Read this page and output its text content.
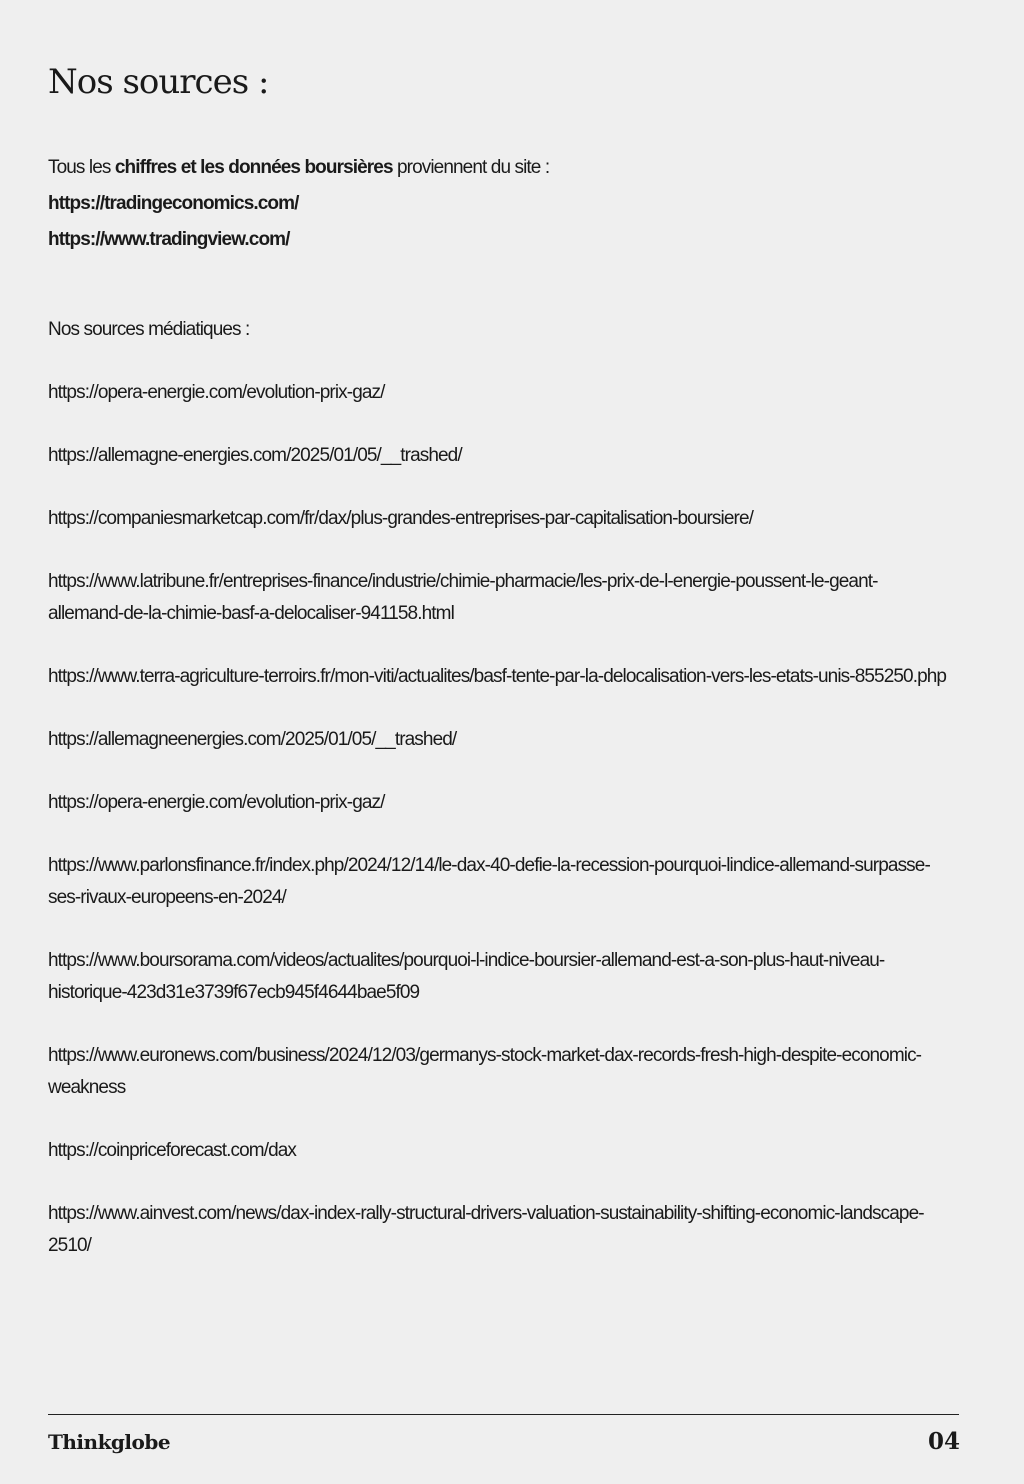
Nos sources :
Tous les chiffres et les données boursières proviennent du site :
https://tradingeconomics.com/
https://www.tradingview.com/
Nos sources médiatiques :
https://opera-energie.com/evolution-prix-gaz/
https://allemagne-energies.com/2025/01/05/__trashed/
https://companiesmarketcap.com/fr/dax/plus-grandes-entreprises-par-capitalisation-boursiere/
https://www.latribune.fr/entreprises-finance/industrie/chimie-pharmacie/les-prix-de-l-energie-poussent-le-geant-allemand-de-la-chimie-basf-a-delocaliser-941158.html
https://www.terra-agriculture-terroirs.fr/mon-viti/actualites/basf-tente-par-la-delocalisation-vers-les-etats-unis-855250.php
https://allemagneenergies.com/2025/01/05/__trashed/
https://opera-energie.com/evolution-prix-gaz/
https://www.parlonsfinance.fr/index.php/2024/12/14/le-dax-40-defie-la-recession-pourquoi-lindice-allemand-surpasse-ses-rivaux-europeens-en-2024/
https://www.boursorama.com/videos/actualites/pourquoi-l-indice-boursier-allemand-est-a-son-plus-haut-niveau-historique-423d31e3739f67ecb945f4644bae5f09
https://www.euronews.com/business/2024/12/03/germanys-stock-market-dax-records-fresh-high-despite-economic-weakness
https://coinpriceforecast.com/dax
https://www.ainvest.com/news/dax-index-rally-structural-drivers-valuation-sustainability-shifting-economic-landscape-2510/
Thinkglobe	04
